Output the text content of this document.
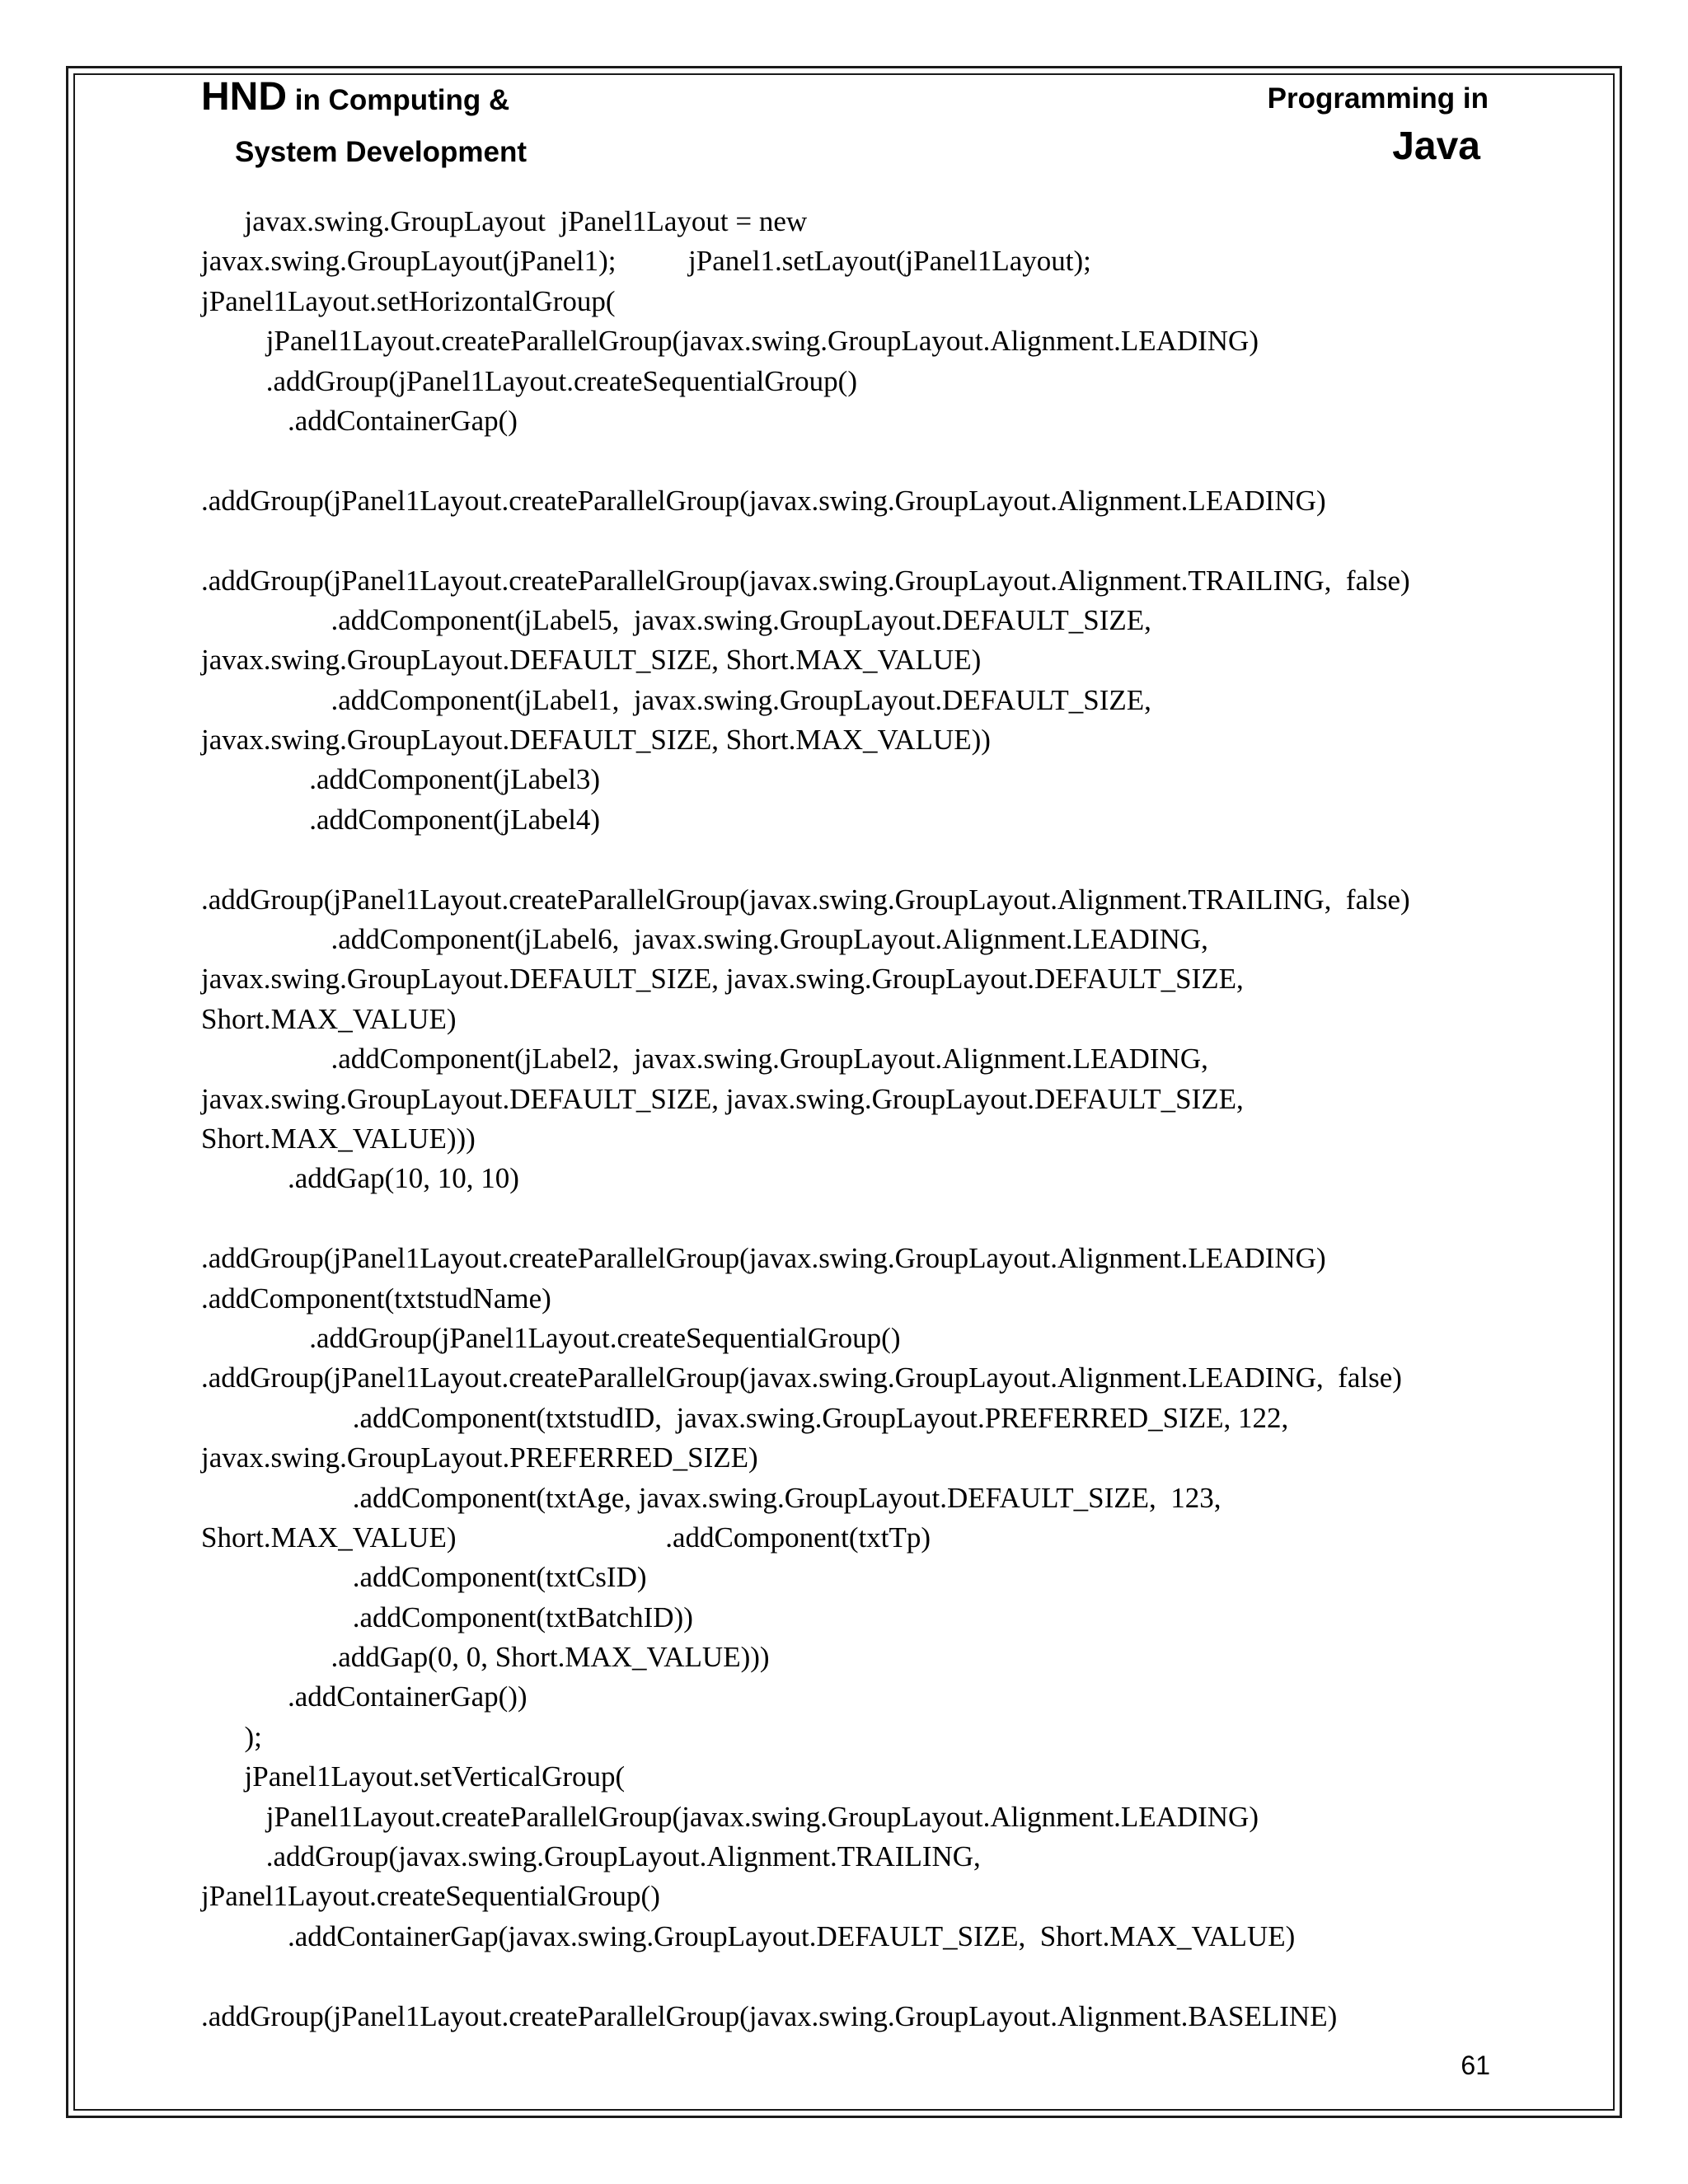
HND in Computing &
System Development
Programming in
Java
javax.swing.GroupLayout  jPanel1Layout = new
javax.swing.GroupLayout(jPanel1);          jPanel1.setLayout(jPanel1Layout);
jPanel1Layout.setHorizontalGroup(
jPanel1Layout.createParallelGroup(javax.swing.GroupLayout.Alignment.LEADING)
.addGroup(jPanel1Layout.createSequentialGroup()
.addContainerGap()
.addGroup(jPanel1Layout.createParallelGroup(javax.swing.GroupLayout.Alignment.LEADING)
.addGroup(jPanel1Layout.createParallelGroup(javax.swing.GroupLayout.Alignment.TRAILING,  false)
.addComponent(jLabel5,  javax.swing.GroupLayout.DEFAULT_SIZE,
javax.swing.GroupLayout.DEFAULT_SIZE, Short.MAX_VALUE)
.addComponent(jLabel1,  javax.swing.GroupLayout.DEFAULT_SIZE,
javax.swing.GroupLayout.DEFAULT_SIZE, Short.MAX_VALUE))
.addComponent(jLabel3)
.addComponent(jLabel4)
.addGroup(jPanel1Layout.createParallelGroup(javax.swing.GroupLayout.Alignment.TRAILING,  false)
.addComponent(jLabel6,  javax.swing.GroupLayout.Alignment.LEADING,
javax.swing.GroupLayout.DEFAULT_SIZE, javax.swing.GroupLayout.DEFAULT_SIZE,
Short.MAX_VALUE)
.addComponent(jLabel2,  javax.swing.GroupLayout.Alignment.LEADING,
javax.swing.GroupLayout.DEFAULT_SIZE, javax.swing.GroupLayout.DEFAULT_SIZE,
Short.MAX_VALUE)))
.addGap(10, 10, 10)
.addGroup(jPanel1Layout.createParallelGroup(javax.swing.GroupLayout.Alignment.LEADING)
.addComponent(txtstudName)
.addGroup(jPanel1Layout.createSequentialGroup()
.addGroup(jPanel1Layout.createParallelGroup(javax.swing.GroupLayout.Alignment.LEADING,  false)
.addComponent(txtstudID,  javax.swing.GroupLayout.PREFERRED_SIZE, 122,
javax.swing.GroupLayout.PREFERRED_SIZE)
.addComponent(txtAge, javax.swing.GroupLayout.DEFAULT_SIZE,  123,
Short.MAX_VALUE)                             .addComponent(txtTp)
.addComponent(txtCsID)
.addComponent(txtBatchID))
.addGap(0, 0, Short.MAX_VALUE)))
.addContainerGap())
);
jPanel1Layout.setVerticalGroup(
jPanel1Layout.createParallelGroup(javax.swing.GroupLayout.Alignment.LEADING)
.addGroup(javax.swing.GroupLayout.Alignment.TRAILING,
jPanel1Layout.createSequentialGroup()
.addContainerGap(javax.swing.GroupLayout.DEFAULT_SIZE,  Short.MAX_VALUE)
.addGroup(jPanel1Layout.createParallelGroup(javax.swing.GroupLayout.Alignment.BASELINE)
61
